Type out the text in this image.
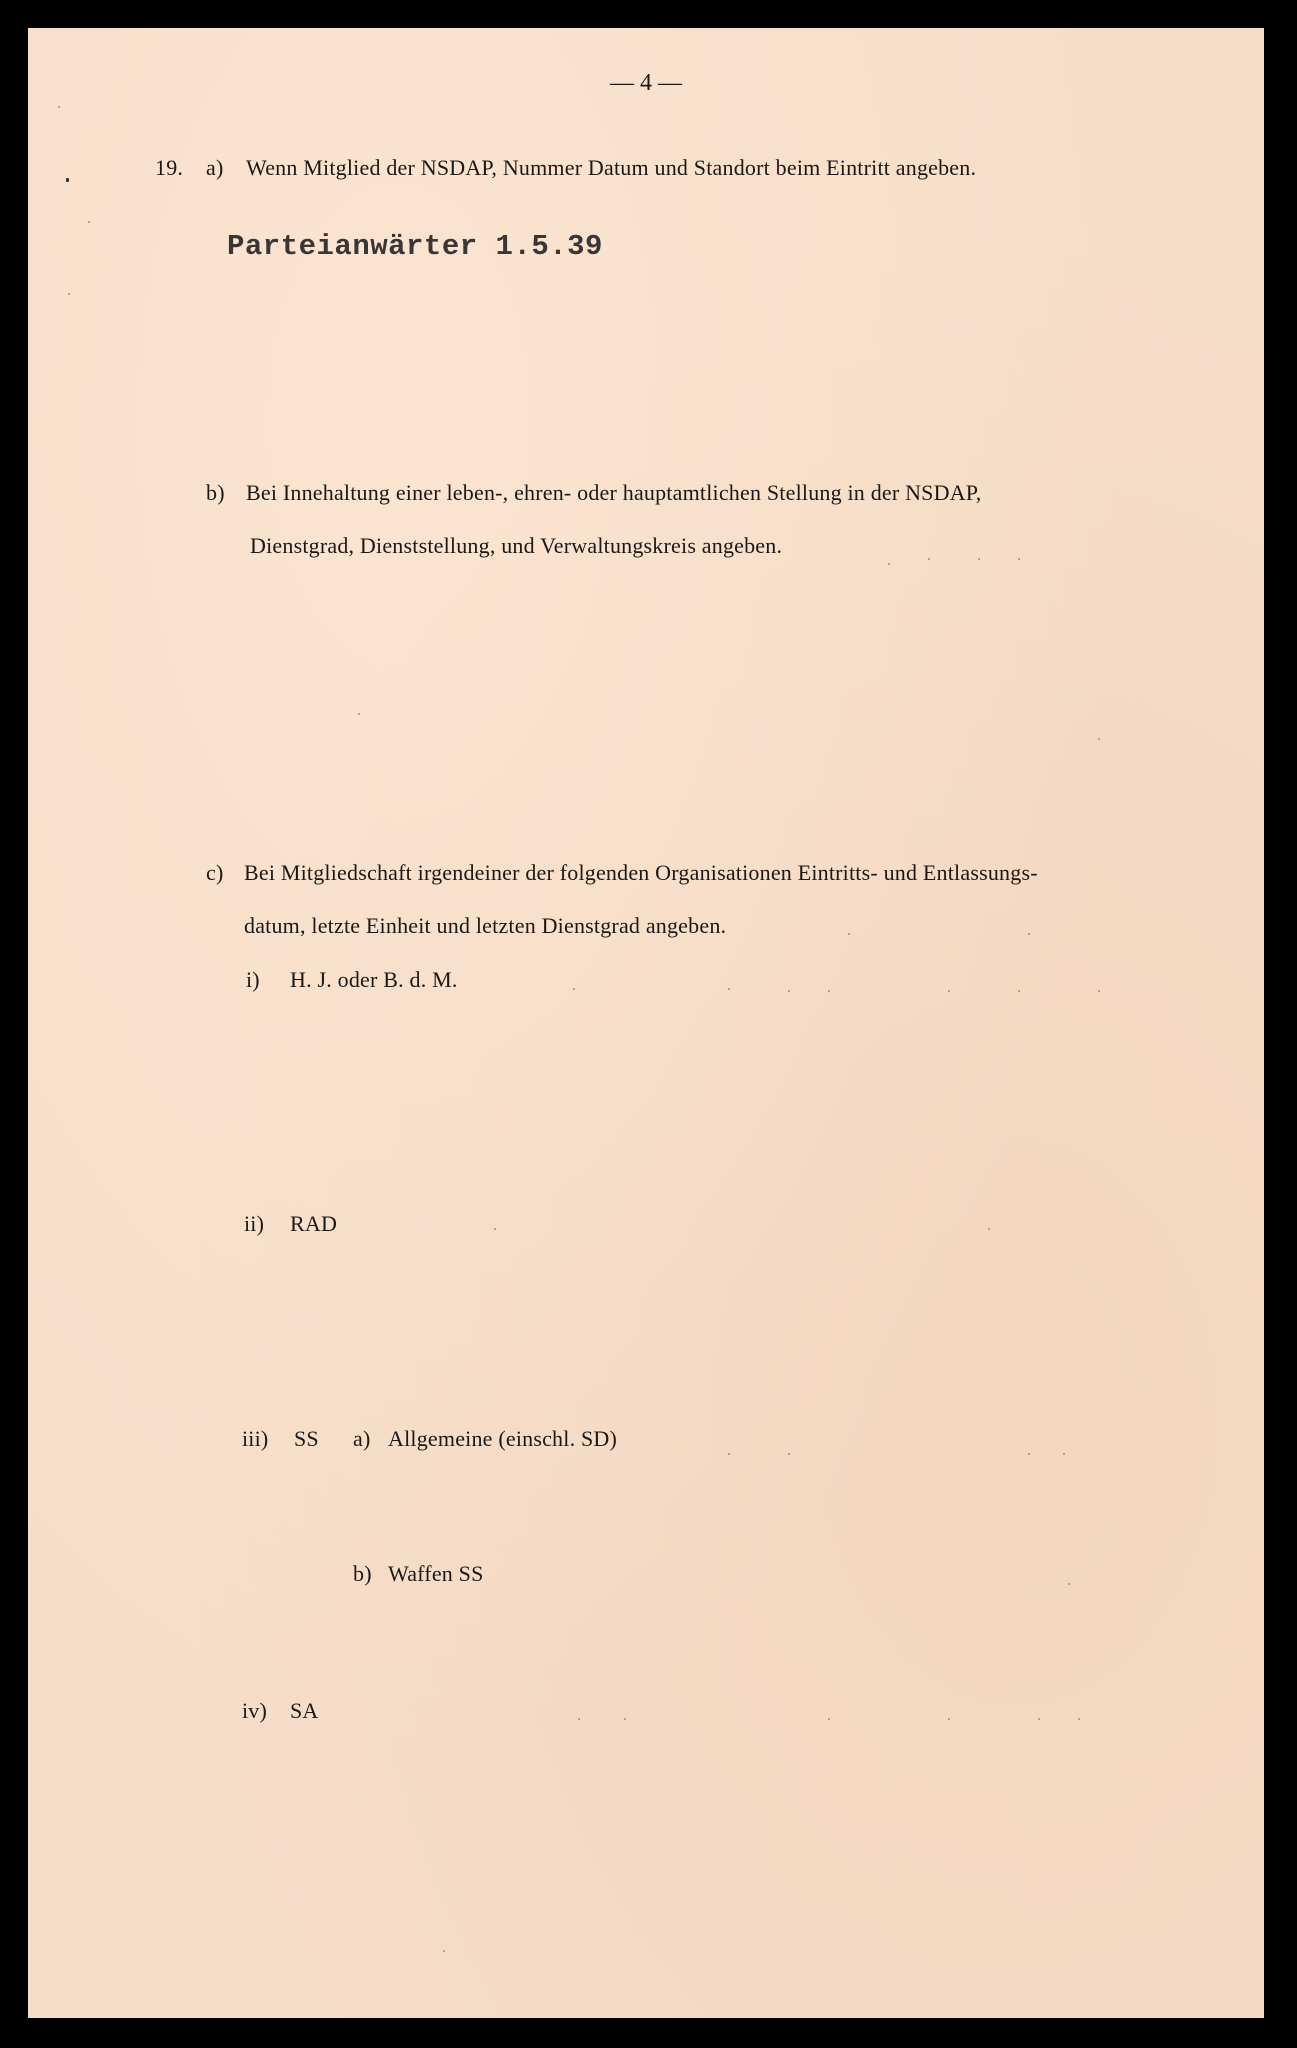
— 4 —
19. a) Wenn Mitglied der NSDAP, Nummer Datum und Standort beim Eintritt angeben.
Parteianwärter 1.5.39
b) Bei Innehaltung einer leben-, ehren- oder hauptamtlichen Stellung in der NSDAP,
Dienstgrad, Dienststellung, und Verwaltungskreis angeben.
c) Bei Mitgliedschaft irgendeiner der folgenden Organisationen Eintritts- und Entlassungs-
datum, letzte Einheit und letzten Dienstgrad angeben.
i) H. J. oder B. d. M.
ii) RAD
iii) SS a) Allgemeine (einschl. SD)
b) Waffen SS
iv) SA
